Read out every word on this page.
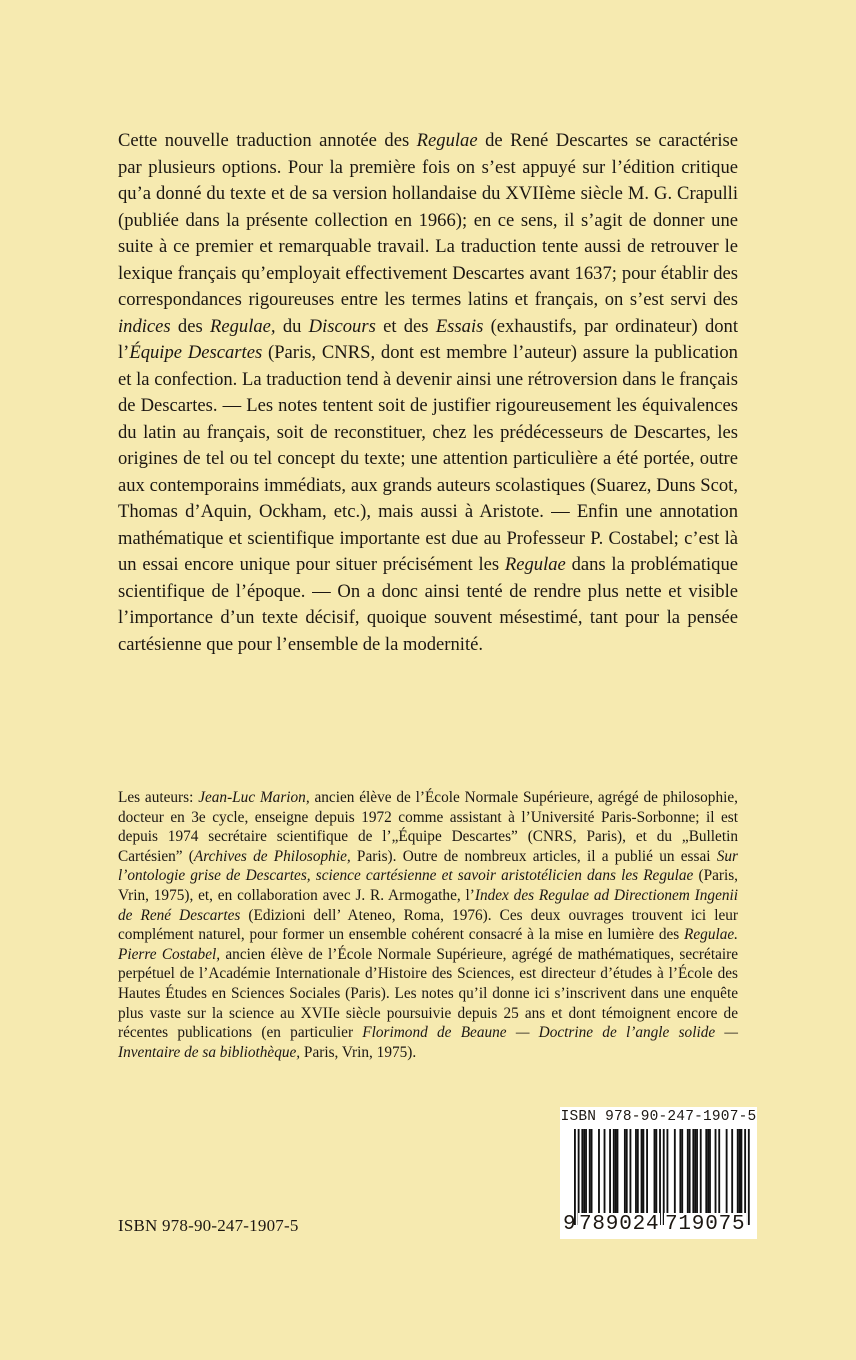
Cette nouvelle traduction annotée des Regulae de René Descartes se caractérise par plusieurs options. Pour la première fois on s’est appuyé sur l’édition critique qu’a donné du texte et de sa version hollandaise du XVIIème siècle M. G. Crapulli (publiée dans la présente collection en 1966); en ce sens, il s’agit de donner une suite à ce premier et remarquable travail. La traduction tente aussi de retrouver le lexique français qu’employait effectivement Descartes avant 1637; pour établir des correspondances rigoureuses entre les termes latins et français, on s’est servi des indices des Regulae, du Discours et des Essais (exhaustifs, par ordinateur) dont l’Équipe Descartes (Paris, CNRS, dont est membre l’auteur) assure la publication et la confection. La traduction tend à devenir ainsi une rétroversion dans le français de Descartes. — Les notes tentent soit de justifier rigoureusement les équivalences du latin au français, soit de reconstituer, chez les prédécesseurs de Descartes, les origines de tel ou tel concept du texte; une attention particulière a été portée, outre aux contemporains immédiats, aux grands auteurs scolastiques (Suarez, Duns Scot, Thomas d’Aquin, Ockham, etc.), mais aussi à Aristote. — Enfin une annotation mathématique et scientifique importante est due au Professeur P. Costabel; c’est là un essai encore unique pour situer précisément les Regulae dans la problématique scientifique de l’époque. — On a donc ainsi tenté de rendre plus nette et visible l’importance d’un texte décisif, quoique souvent mésestimé, tant pour la pensée cartésienne que pour l’ensemble de la modernité.

Les auteurs: Jean-Luc Marion, ancien élève de l’École Normale Supérieure, agrégé de philosophie, docteur en 3e cycle, enseigne depuis 1972 comme assistant à l’Université Paris-Sorbonne; il est depuis 1974 secrétaire scientifique de l’„Équipe Descartes” (CNRS, Paris), et du „Bulletin Cartésien” (Archives de Philosophie, Paris). Outre de nombreux articles, il a publié un essai Sur l’ontologie grise de Descartes, science cartésienne et savoir aristotélicien dans les Regulae (Paris, Vrin, 1975), et, en collaboration avec J. R. Armogathe, l’Index des Regulae ad Directionem Ingenii de René Descartes (Edizioni dell’ Ateneo, Roma, 1976). Ces deux ouvrages trouvent ici leur complément naturel, pour former un ensemble cohérent consacré à la mise en lumière des Regulae. Pierre Costabel, ancien élève de l’École Normale Supérieure, agrégé de mathématiques, secrétaire perpétuel de l’Académie Internationale d’Histoire des Sciences, est directeur d’études à l’École des Hautes Études en Sciences Sociales (Paris). Les notes qu’il donne ici s’inscrivent dans une enquête plus vaste sur la science au XVIIe siècle poursuivie depuis 25 ans et dont témoignent encore de récentes publications (en particulier Florimond de Beaune — Doctrine de l’angle solide — Inventaire de sa bibliothèque, Paris, Vrin, 1975).

ISBN 978-90-247-1907-5
ISBN 978-90-247-1907-5
9 789024 719075
